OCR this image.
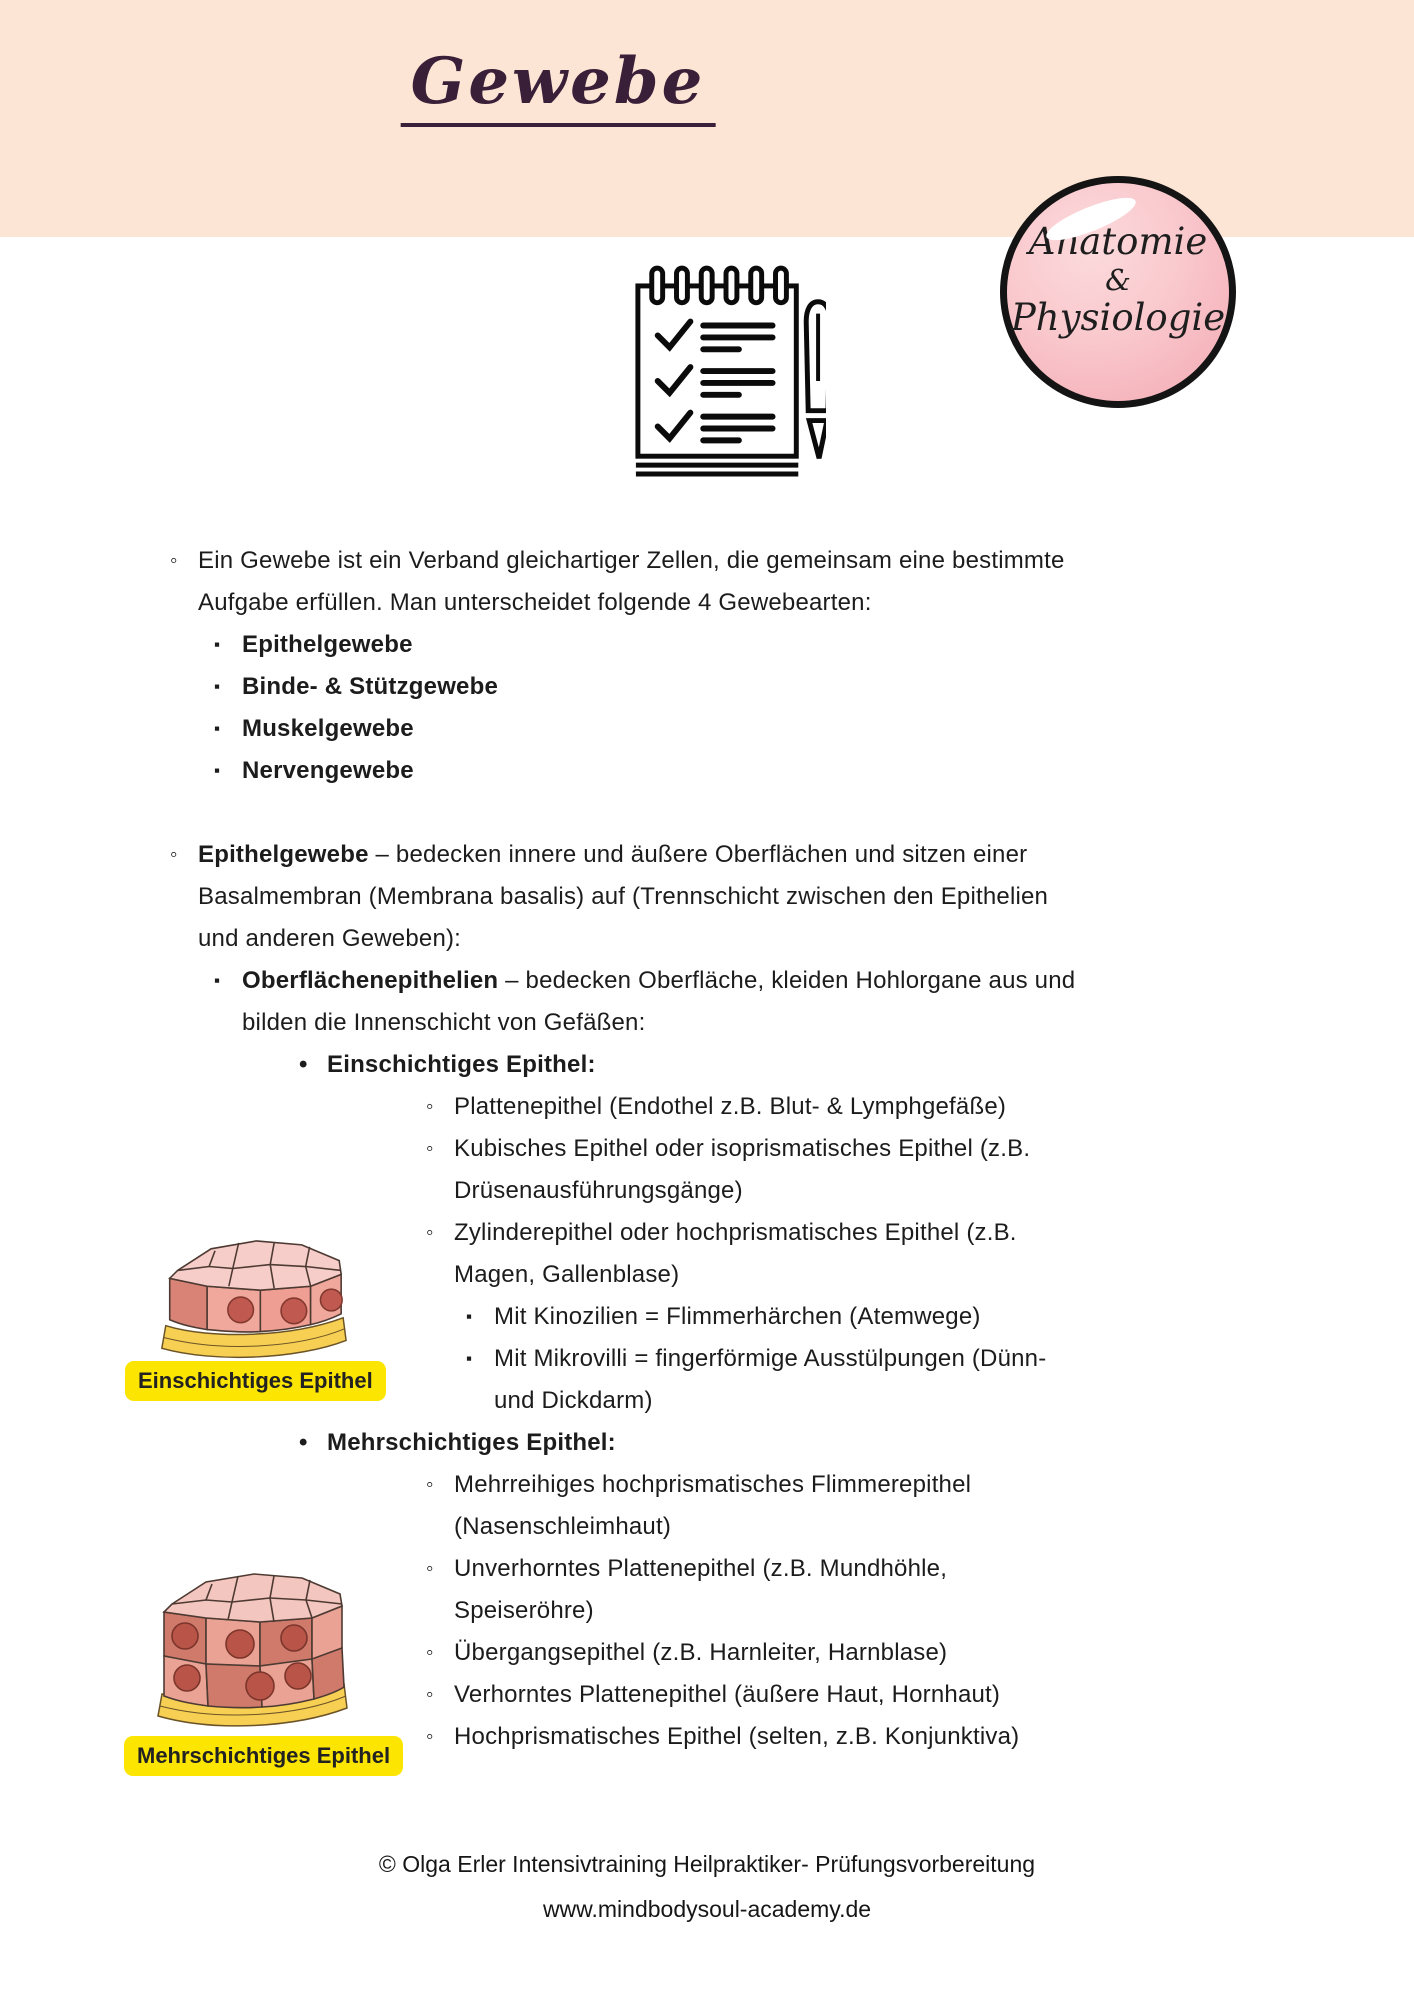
Gewebe
Anatomie
&
Physiologie
◦ Ein Gewebe ist ein Verband gleichartiger Zellen, die gemeinsam eine bestimmte Aufgabe erfüllen. Man unterscheidet folgende 4 Gewebearten:
▪ Epithelgewebe
▪ Binde- & Stützgewebe
▪ Muskelgewebe
▪ Nervengewebe
◦ Epithelgewebe – bedecken innere und äußere Oberflächen und sitzen einer Basalmembran (Membrana basalis) auf (Trennschicht zwischen den Epithelien und anderen Geweben):
▪ Oberflächenepithelien – bedecken Oberfläche, kleiden Hohlorgane aus und bilden die Innenschicht von Gefäßen:
• Einschichtiges Epithel:
◦ Plattenepithel (Endothel z.B. Blut- & Lymphgefäße)
◦ Kubisches Epithel oder isoprismatisches Epithel (z.B. Drüsenausführungsgänge)
◦ Zylinderepithel oder hochprismatisches Epithel (z.B. Magen, Gallenblase)
▪ Mit Kinozilien = Flimmerhärchen (Atemwege)
▪ Mit Mikrovilli = fingerförmige Ausstülpungen (Dünn- und Dickdarm)
• Mehrschichtiges Epithel:
◦ Mehrreihiges hochprismatisches Flimmerepithel (Nasenschleimhaut)
◦ Unverhorntes Plattenepithel (z.B. Mundhöhle, Speiseröhre)
◦ Übergangsepithel (z.B. Harnleiter, Harnblase)
◦ Verhorntes Plattenepithel (äußere Haut, Hornhaut)
◦ Hochprismatisches Epithel (selten, z.B. Konjunktiva)
Einschichtiges Epithel
Mehrschichtiges Epithel
© Olga Erler Intensivtraining Heilpraktiker- Prüfungsvorbereitung
www.mindbodysoul-academy.de
